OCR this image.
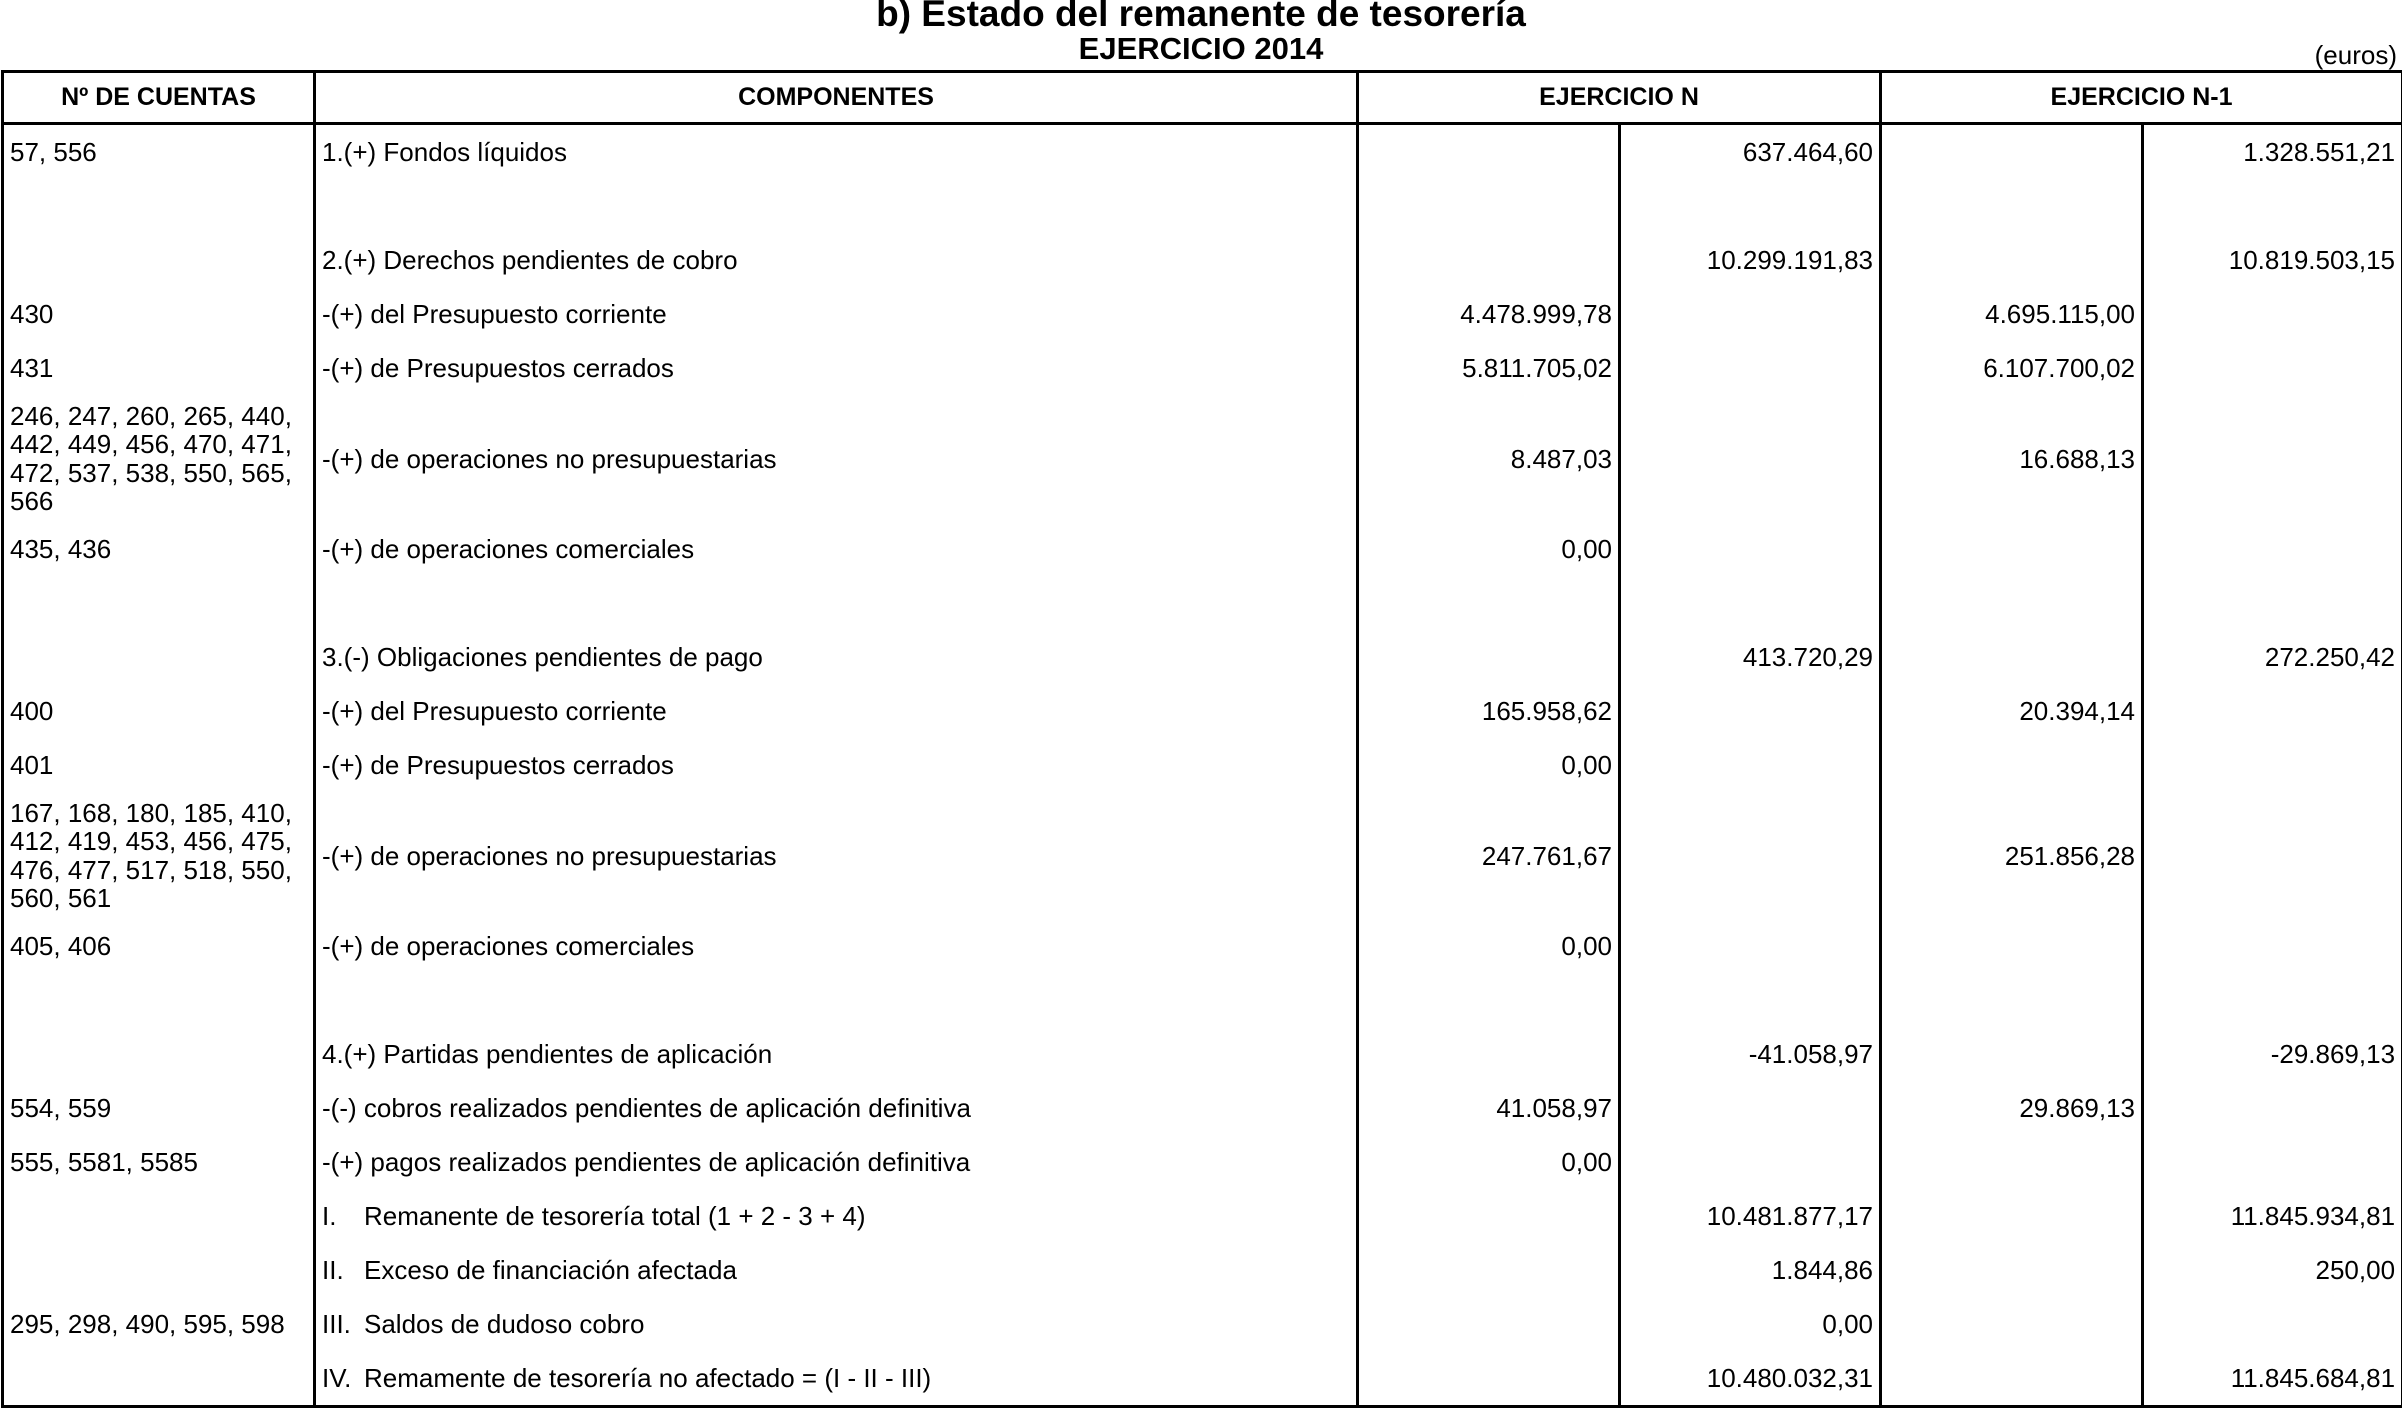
b) Estado del remanente de tesorería
EJERCICIO 2014	(euros)
Nº DE CUENTAS	COMPONENTES	EJERCICIO N		EJERCICIO N-1	
57, 556	1.(+) Fondos líquidos		637.464,60		1.328.551,21

	2.(+) Derechos pendientes de cobro		10.299.191,83		10.819.503,15
430	-(+) del Presupuesto corriente	4.478.999,78		4.695.115,00	
431	-(+) de Presupuestos cerrados	5.811.705,02		6.107.700,02	
246, 247, 260, 265, 440, 442, 449, 456, 470, 471, 472, 537, 538, 550, 565, 566	-(+) de operaciones no presupuestarias	8.487,03		16.688,13	
435, 436	-(+) de operaciones comerciales	0,00			

	3.(-) Obligaciones pendientes de pago		413.720,29		272.250,42
400	-(+) del Presupuesto corriente	165.958,62		20.394,14	
401	-(+) de Presupuestos cerrados	0,00			
167, 168, 180, 185, 410, 412, 419, 453, 456, 475, 476, 477, 517, 518, 550, 560, 561	-(+) de operaciones no presupuestarias	247.761,67		251.856,28	
405, 406	-(+) de operaciones comerciales	0,00			

	4.(+) Partidas pendientes de aplicación		-41.058,97		-29.869,13
554, 559	-(-) cobros realizados pendientes de aplicación definitiva	41.058,97		29.869,13	
555, 5581, 5585	-(+) pagos realizados pendientes de aplicación definitiva	0,00			
	I. Remanente de tesorería total (1 + 2 - 3 + 4)		10.481.877,17		11.845.934,81
	II. Exceso de financiación afectada		1.844,86		250,00
295, 298, 490, 595, 598	III. Saldos de dudoso cobro		0,00		
	IV. Remamente de tesorería no afectado = (I - II - III)		10.480.032,31		11.845.684,81
